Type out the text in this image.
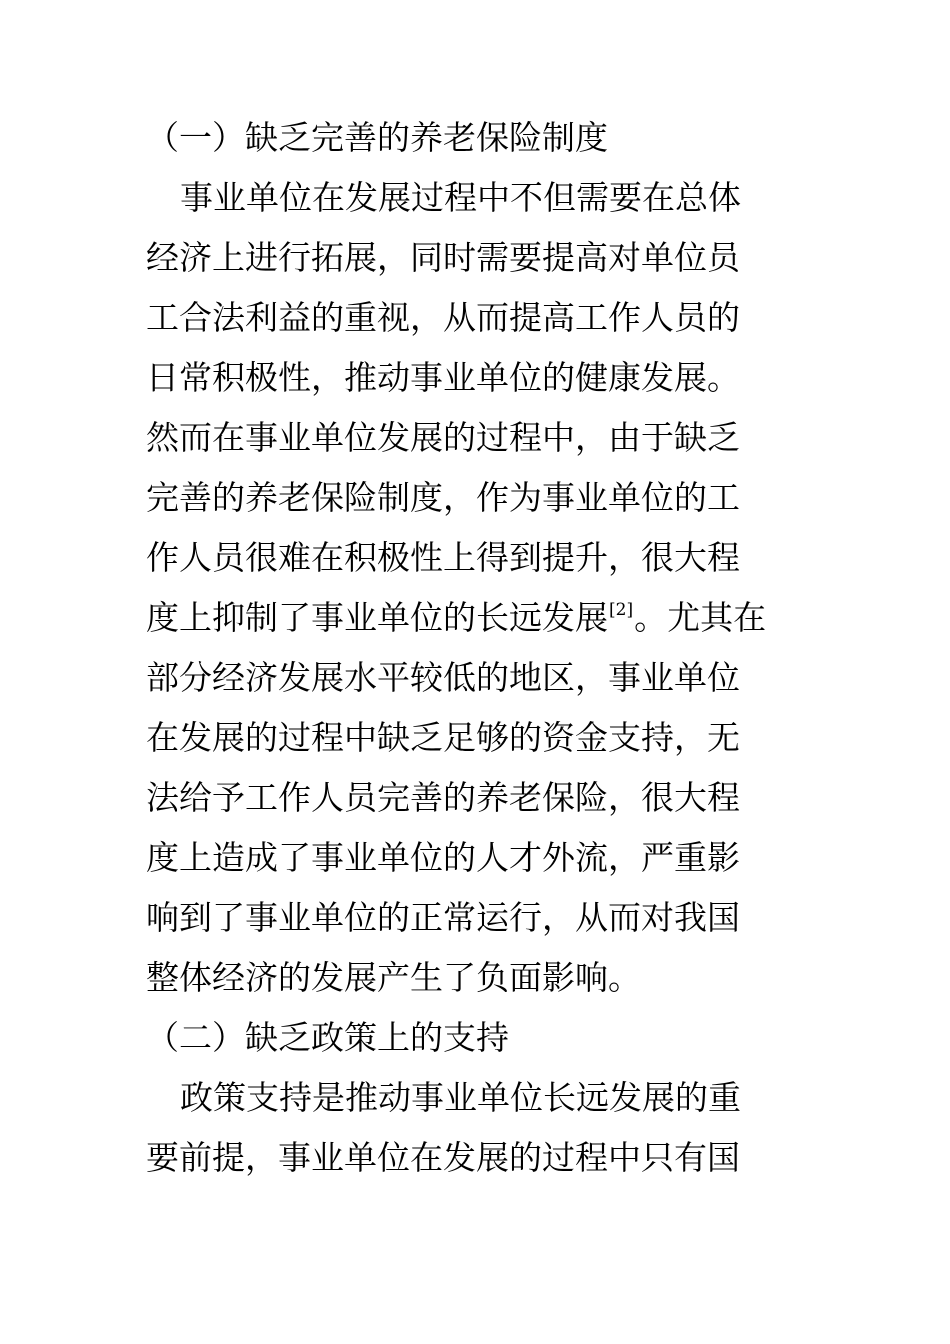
（一）缺乏完善的养老保险制度
事业单位在发展过程中不但需要在总体
经济上进行拓展，同时需要提高对单位员
工合法利益的重视，从而提高工作人员的
日常积极性，推动事业单位的健康发展。
然而在事业单位发展的过程中，由于缺乏
完善的养老保险制度，作为事业单位的工
作人员很难在积极性上得到提升，很大程
度上抑制了事业单位的长远发展[2]。尤其在
部分经济发展水平较低的地区，事业单位
在发展的过程中缺乏足够的资金支持，无
法给予工作人员完善的养老保险，很大程
度上造成了事业单位的人才外流，严重影
响到了事业单位的正常运行，从而对我国
整体经济的发展产生了负面影响。
（二）缺乏政策上的支持
政策支持是推动事业单位长远发展的重
要前提，事业单位在发展的过程中只有国
